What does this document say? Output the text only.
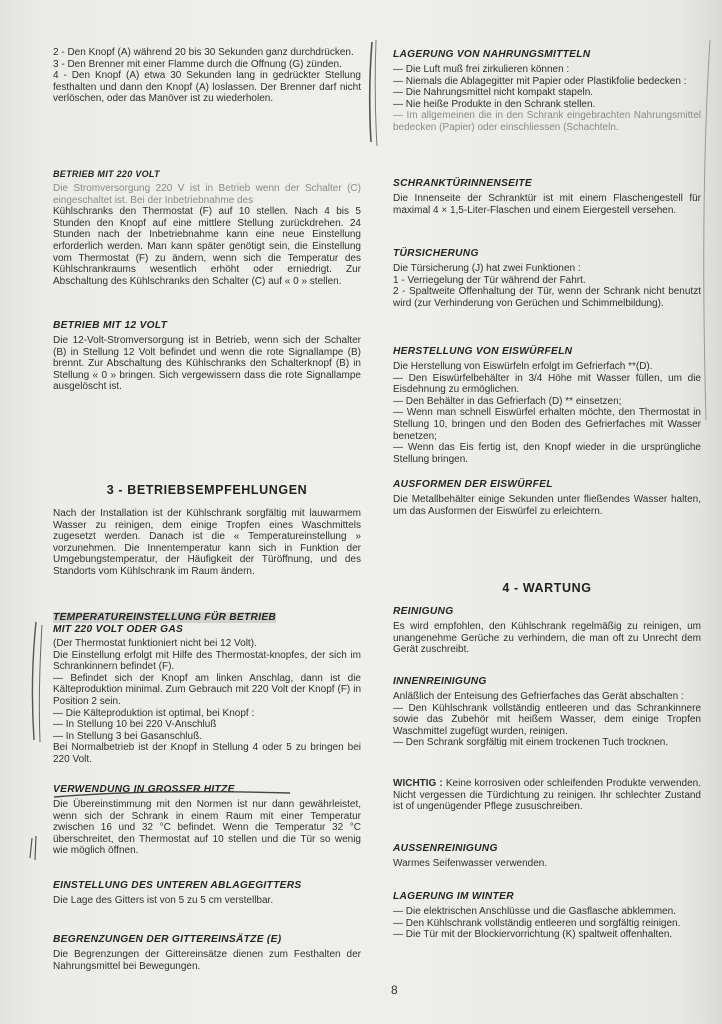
2 - Den Knopf (A) während 20 bis 30 Sekunden ganz durchdrücken.
3 - Den Brenner mit einer Flamme durch die Offnung (G) zünden.
4 - Den Knopf (A) etwa 30 Sekunden lang in gedrückter Stellung festhalten und dann den Knopf (A) loslassen. Der Brenner darf nicht verlöschen, oder das Manöver ist zu wiederholen.

BETRIEB MIT 220 VOLT

Die Stromversorgung 220 V ist in Betrieb wenn der Schalter (C) eingeschaltet ist. Bei der Inbetriebnahme des

Kühlschranks den Thermostat (F) auf 10 stellen. Nach 4 bis 5 Stunden den Knopf auf eine mittlere Stellung zurückdrehen. 24 Stunden nach der Inbetriebnahme kann eine neue Einstellung erforderlich werden. Man kann später genötigt sein, die Einstellung vom Thermostat (F) zu ändern, wenn sich die Temperatur des Kühlschrankraums wesentlich erhöht oder erniedrigt. Zur Abschaltung des Kühlschranks den Schalter (C) auf « 0 » stellen.

BETRIEB MIT 12 VOLT

Die 12-Volt-Stromversorgung ist in Betrieb, wenn sich der Schalter (B) in Stellung 12 Volt befindet und wenn die rote Signallampe (B) brennt. Zur Abschaltung des Kühlschranks den Schalterknopf (B) in Stellung « 0 » bringen. Sich vergewissern dass die rote Signallampe ausgelöscht ist.

3 - BETRIEBSEMPFEHLUNGEN

Nach der Installation ist der Kühlschrank sorgfältig mit lauwarmem Wasser zu reinigen, dem einige Tropfen eines Waschmittels zugesetzt werden. Danach ist die « Temperatureinstellung » vorzunehmen. Die Innentemperatur kann sich in Funktion der Umgebungstemperatur, der Häufigkeit der Türöffnung, und des Standorts vom Kühlschrank im Raum ändern.

TEMPERATUREINSTELLUNG FÜR BETRIEB

MIT 220 VOLT ODER GAS

(Der Thermostat funktioniert nicht bei 12 Volt).
Die Einstellung erfolgt mit Hilfe des Thermostat-knopfes, der sich im Schrankinnern befindet (F).
— Befindet sich der Knopf am linken Anschlag, dann ist die Kälteproduktion minimal. Zum Gebrauch mit 220 Volt der Knopf (F) in Position 2 sein.
— Die Kälteproduktion ist optimal, bei Knopf :
— In Stellung 10 bei 220 V-Anschluß
— In Stellung 3 bei Gasanschluß.
Bei Normalbetrieb ist der Knopf in Stellung 4 oder 5 zu bringen bei 220 Volt.

VERWENDUNG IN GROSSER HITZE

Die Übereinstimmung mit den Normen ist nur dann gewährleistet, wenn sich der Schrank in einem Raum mit einer Temperatur zwischen 16 und 32 °C befindet. Wenn die Temperatur 32 °C überschreitet, den Thermostat auf 10 stellen und die Tür so wenig wie möglich öffnen.

EINSTELLUNG DES UNTEREN ABLAGEGITTERS

Die Lage des Gitters ist von 5 zu 5 cm verstellbar.

BEGRENZUNGEN DER GITTEREINSÄTZE (E)

Die Begrenzungen der Gittereinsätze dienen zum Festhalten der Nahrungsmittel bei Bewegungen.

LAGERUNG VON NAHRUNGSMITTELN

— Die Luft muß frei zirkulieren können :
— Niemals die Ablagegitter mit Papier oder Plastikfolie bedecken :
— Die Nahrungsmittel nicht kompakt stapeln.
— Nie heiße Produkte in den Schrank stellen.

— Im allgemeinen die in den Schrank eingebrachten Nahrungsmittel bedecken (Papier) oder einschliessen (Schachteln.

SCHRANKTÜRINNENSEITE

Die Innenseite der Schranktür ist mit einem Flaschengestell für maximal 4 × 1,5-Liter-Flaschen und einem Eiergestell versehen.

TÜRSICHERUNG

Die Türsicherung (J) hat zwei Funktionen :
1 - Verriegelung der Tür während der Fahrt.
2 - Spaltweite Offenhaltung der Tür, wenn der Schrank nicht benutzt wird (zur Verhinderung von Gerüchen und Schimmelbildung).

HERSTELLUNG VON EISWÜRFELN

Die Herstellung von Eiswürfeln erfolgt im Gefrierfach **(D).
— Den Eiswürfelbehälter in 3/4 Höhe mit Wasser füllen, um die Eisdehnung zu ermöglichen.
— Den Behälter in das Gefrierfach (D) ** einsetzen;
— Wenn man schnell Eiswürfel erhalten möchte, den Thermostat in Stellung 10, bringen und den Boden des Gefrierfaches mit Wasser benetzen;
— Wenn das Eis fertig ist, den Knopf wieder in die ursprüngliche Stellung bringen.

AUSFORMEN DER EISWÜRFEL

Die Metallbehälter einige Sekunden unter fließendes Wasser halten, um das Ausformen der Eiswürfel zu erleichtern.

4 - WARTUNG

REINIGUNG

Es wird empfohlen, den Kühlschrank regelmäßig zu reinigen, um unangenehme Gerüche zu verhindern, die man oft zu Unrecht dem Gerät zuschreibt.

INNENREINIGUNG

Anläßlich der Enteisung des Gefrierfaches das Gerät abschalten :
— Den Kühlschrank vollständig entleeren und das Schrankinnere sowie das Zubehör mit heißem Wasser, dem einige Tropfen Waschmittel zugefügt wurden, reinigen.
— Den Schrank sorgfältig mit einem trockenen Tuch trocknen.

WICHTIG : Keine korrosiven oder schleifenden Produkte verwenden. Nicht vergessen die Türdichtung zu reinigen. Ihr schlechter Zustand ist of ungenügender Pflege zususchreiben.

AUSSENREINIGUNG

Warmes Seifenwasser verwenden.

LAGERUNG IM WINTER

— Die elektrischen Anschlüsse und die Gasflasche abklemmen.
— Den Kühlschrank vollständig entleeren und sorgfältig reinigen.
— Die Tür mit der Blockiervorrichtung (K) spaltweit offenhalten.

8
